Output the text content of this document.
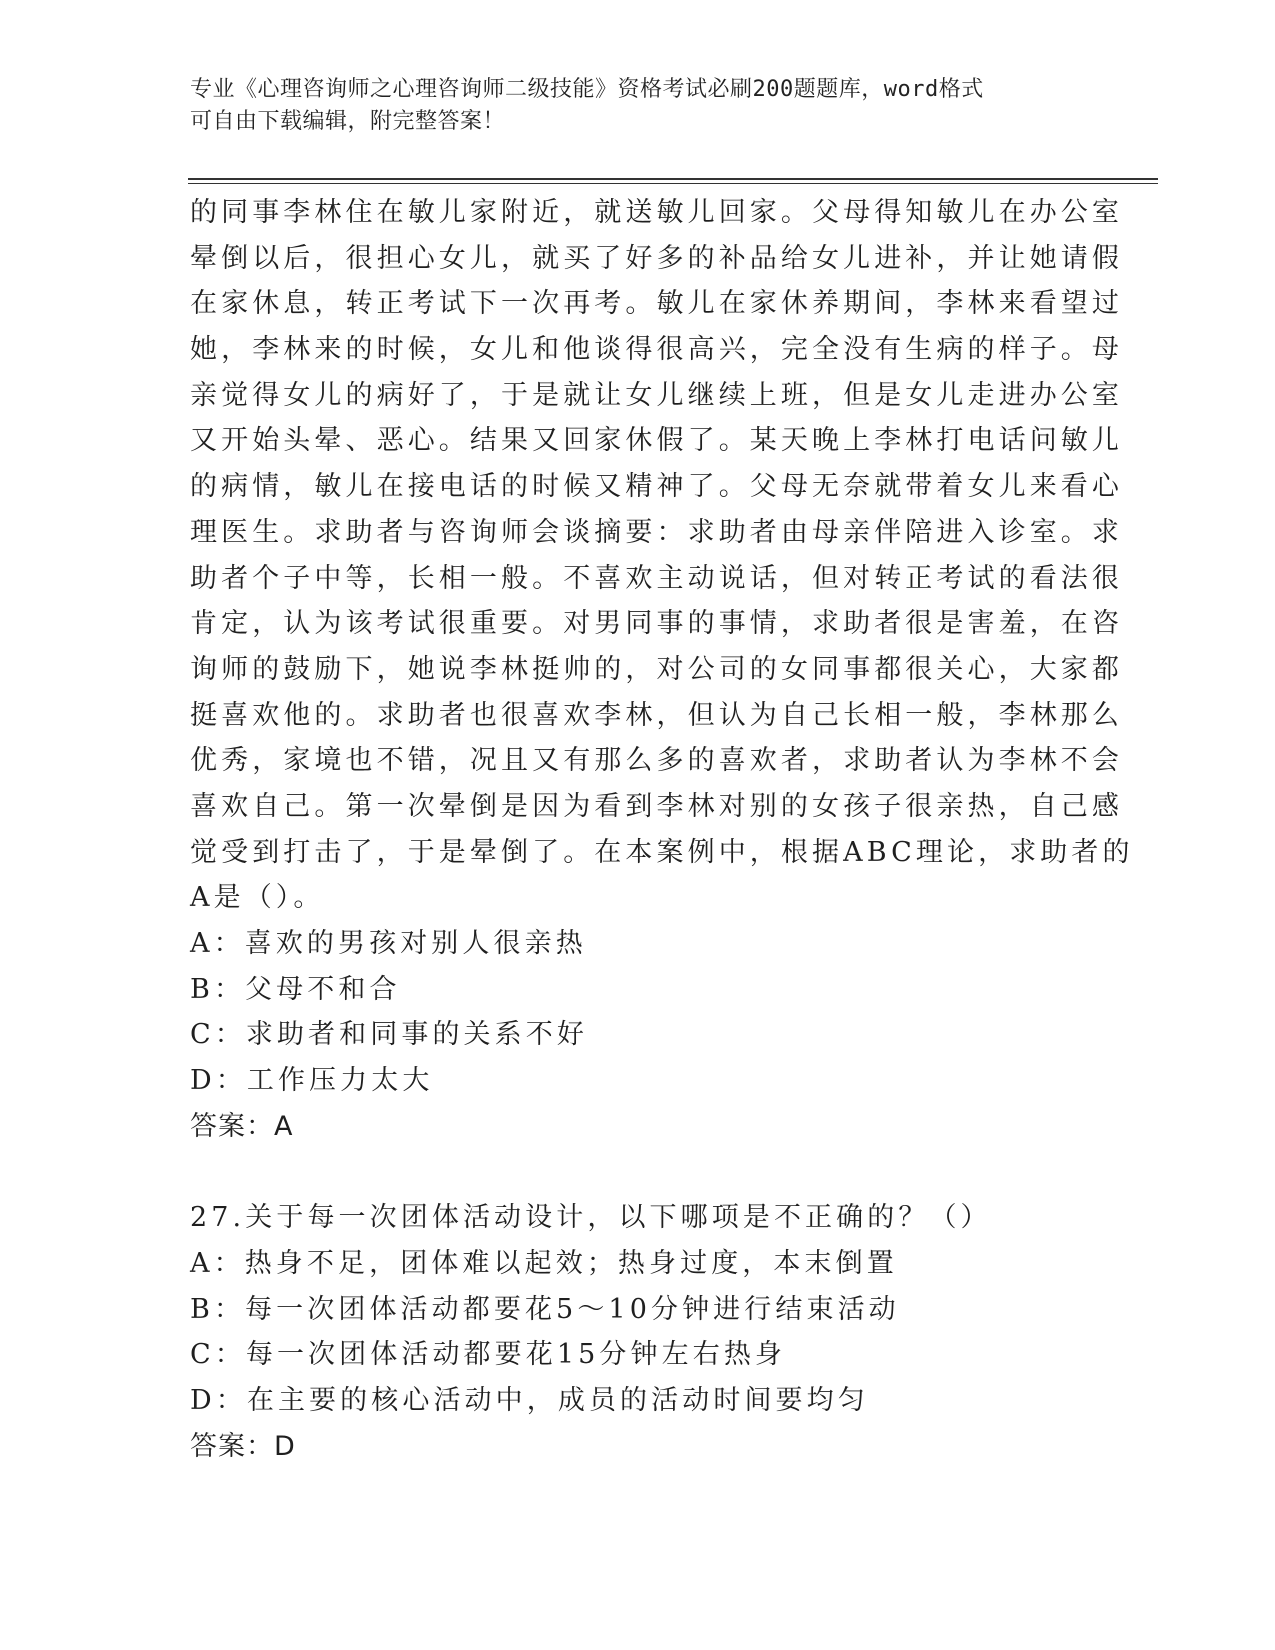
专业《心理咨询师之心理咨询师二级技能》资格考试必刷200题题库，word格式
可自由下载编辑，附完整答案！
的同事李林住在敏儿家附近，就送敏儿回家。父母得知敏儿在办公室
晕倒以后，很担心女儿，就买了好多的补品给女儿进补，并让她请假
在家休息，转正考试下一次再考。敏儿在家休养期间，李林来看望过
她，李林来的时候，女儿和他谈得很高兴，完全没有生病的样子。母
亲觉得女儿的病好了，于是就让女儿继续上班，但是女儿走进办公室
又开始头晕、恶心。结果又回家休假了。某天晚上李林打电话问敏儿
的病情，敏儿在接电话的时候又精神了。父母无奈就带着女儿来看心
理医生。求助者与咨询师会谈摘要：求助者由母亲伴陪进入诊室。求
助者个子中等，长相一般。不喜欢主动说话，但对转正考试的看法很
肯定，认为该考试很重要。对男同事的事情，求助者很是害羞，在咨
询师的鼓励下，她说李林挺帅的，对公司的女同事都很关心，大家都
挺喜欢他的。求助者也很喜欢李林，但认为自己长相一般，李林那么
优秀，家境也不错，况且又有那么多的喜欢者，求助者认为李林不会
喜欢自己。第一次晕倒是因为看到李林对别的女孩子很亲热，自己感
觉受到打击了，于是晕倒了。在本案例中，根据ABC理论，求助者的
A是（）。
A：喜欢的男孩对别人很亲热
B：父母不和合
C：求助者和同事的关系不好
D：工作压力太大
答案：A
27.关于每一次团体活动设计，以下哪项是不正确的？（）
A：热身不足，团体难以起效；热身过度，本末倒置
B：每一次团体活动都要花5～10分钟进行结束活动
C：每一次团体活动都要花15分钟左右热身
D：在主要的核心活动中，成员的活动时间要均匀
答案：D
